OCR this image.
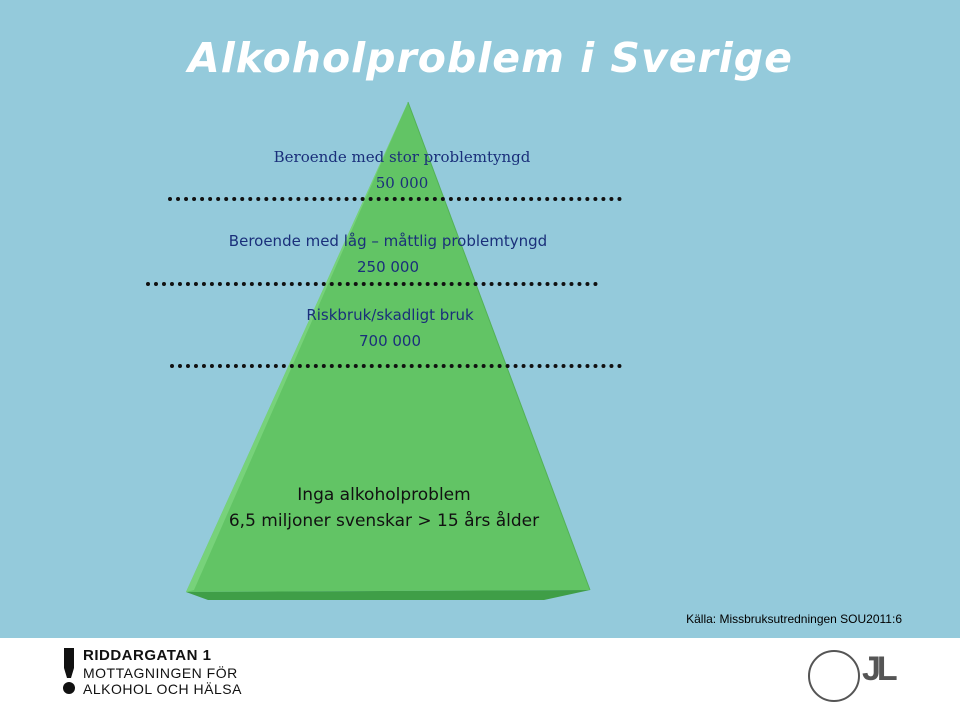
Alkoholproblem i Sverige
Beroende med stor problemtyngd
50 000
Beroende med låg – måttlig problemtyngd
250 000
Riskbruk/skadligt bruk
700 000
Inga alkoholproblem
6,5 miljoner svenskar > 15 års ålder
Källa: Missbruksutredningen SOU2011:6
RIDDARGATAN 1
MOTTAGNINGEN FÖR
ALKOHOL OCH HÄLSA
JL
